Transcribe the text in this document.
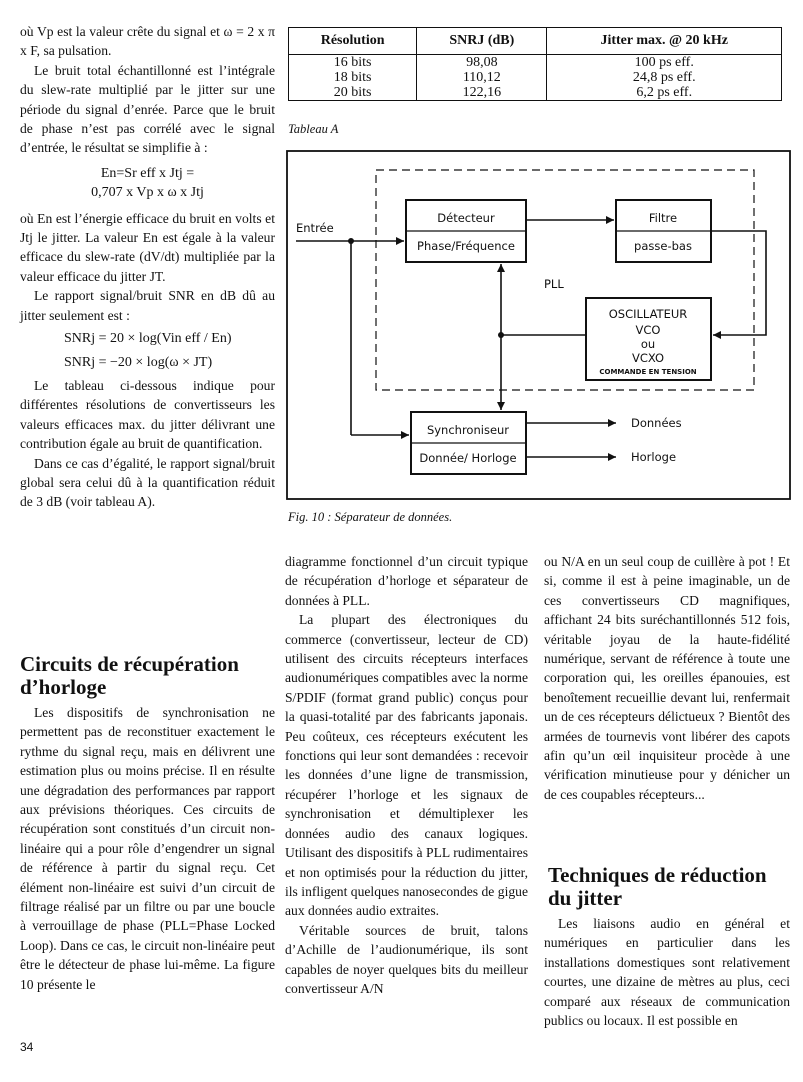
où Vp est la valeur crête du signal et ω = 2 x π x F, sa pulsation.

Le bruit total échantillonné est l’intégrale du slew-rate multiplié par le jitter sur une période du signal d’enrée. Parce que le bruit de phase n’est pas corrélé avec le signal d’entrée, le résultat se simplifie à :

En=Sr eff x Jtj =
0,707 x Vp x ω x Jtj

où En est l’énergie efficace du bruit en volts et Jtj le jitter. La valeur En est égale à la valeur efficace du slew-rate (dV/dt) multipliée par la valeur efficace du jitter JT.

Le rapport signal/bruit SNR en dB dû au jitter seulement est :

SNRj = 20 × log(Vin eff / En)
SNRj = −20 × log(ω × JT)

Le tableau ci-dessous indique pour différentes résolutions de convertisseurs les valeurs efficaces max. du jitter délivrant une contribution égale au bruit de quantification.

Dans ce cas d’égalité, le rapport signal/bruit global sera celui dû à la quantification réduit de 3 dB (voir tableau A).

Circuits de récupération d’horloge

Les dispositifs de synchronisation ne permettent pas de reconstituer exactement le rythme du signal reçu, mais en délivrent une estimation plus ou moins précise. Il en résulte une dégradation des performances par rapport aux prévisions théoriques. Ces circuits de récupération sont constitués d’un circuit non-linéaire qui a pour rôle d’engendrer un signal de référence à partir du signal reçu. Cet élément non-linéaire est suivi d’un circuit de filtrage réalisé par un filtre ou par une boucle à verrouillage de phase (PLL=Phase Locked Loop). Dans ce cas, le circuit non-linéaire peut être le détecteur de phase lui-même. La figure 10 présente le

Résolution	SNRJ (dB)	Jitter max. @ 20 kHz
16 bits	98,08	100 ps eff.
18 bits	110,12	24,8 ps eff.
20 bits	122,16	6,2 ps eff.
Tableau A
Entrée
Détecteur
Phase/Fréquence
Filtre
passe-bas
PLL
OSCILLATEUR
VCO
ou
VCXO
COMMANDE EN TENSION
Synchroniseur
Donnée/ Horloge
Données
Horloge
Fig. 10 : Séparateur de données.

diagramme fonctionnel d’un circuit typique de récupération d’horloge et séparateur de données à PLL.

La plupart des électroniques du commerce (convertisseur, lecteur de CD) utilisent des circuits récepteurs interfaces audionumériques compatibles avec la norme S/PDIF (format grand public) conçus pour la quasi-totalité par des fabricants japonais. Peu coûteux, ces récepteurs exécutent les fonctions qui leur sont demandées : recevoir les données d’une ligne de transmission, récupérer l’horloge et les signaux de synchronisation et démultiplexer les données audio des canaux logiques. Utilisant des dispositifs à PLL rudimentaires et non optimisés pour la réduction du jitter, ils infligent quelques nanosecondes de gigue aux données audio extraites.

Véritable sources de bruit, talons d’Achille de l’audionumérique, ils sont capables de noyer quelques bits du meilleur convertisseur A/N

ou N/A en un seul coup de cuillère à pot ! Et si, comme il est à peine imaginable, un de ces convertisseurs CD magnifiques, affichant 24 bits suréchantillonnés 512 fois, véritable joyau de la haute-fidélité numérique, servant de référence à toute une corporation qui, les oreilles épanouies, est benoîtement recueillie devant lui, renfermait un de ces récepteurs délictueux ? Bientôt des armées de tournevis vont libérer des capots afin qu’un œil inquisiteur procède à une vérification minutieuse pour y dénicher un de ces coupables récepteurs...

Techniques de réduction du jitter

Les liaisons audio en général et numériques en particulier dans les installations domestiques sont relativement courtes, une dizaine de mètres au plus, ceci comparé aux réseaux de communication publics ou locaux. Il est possible en

34
